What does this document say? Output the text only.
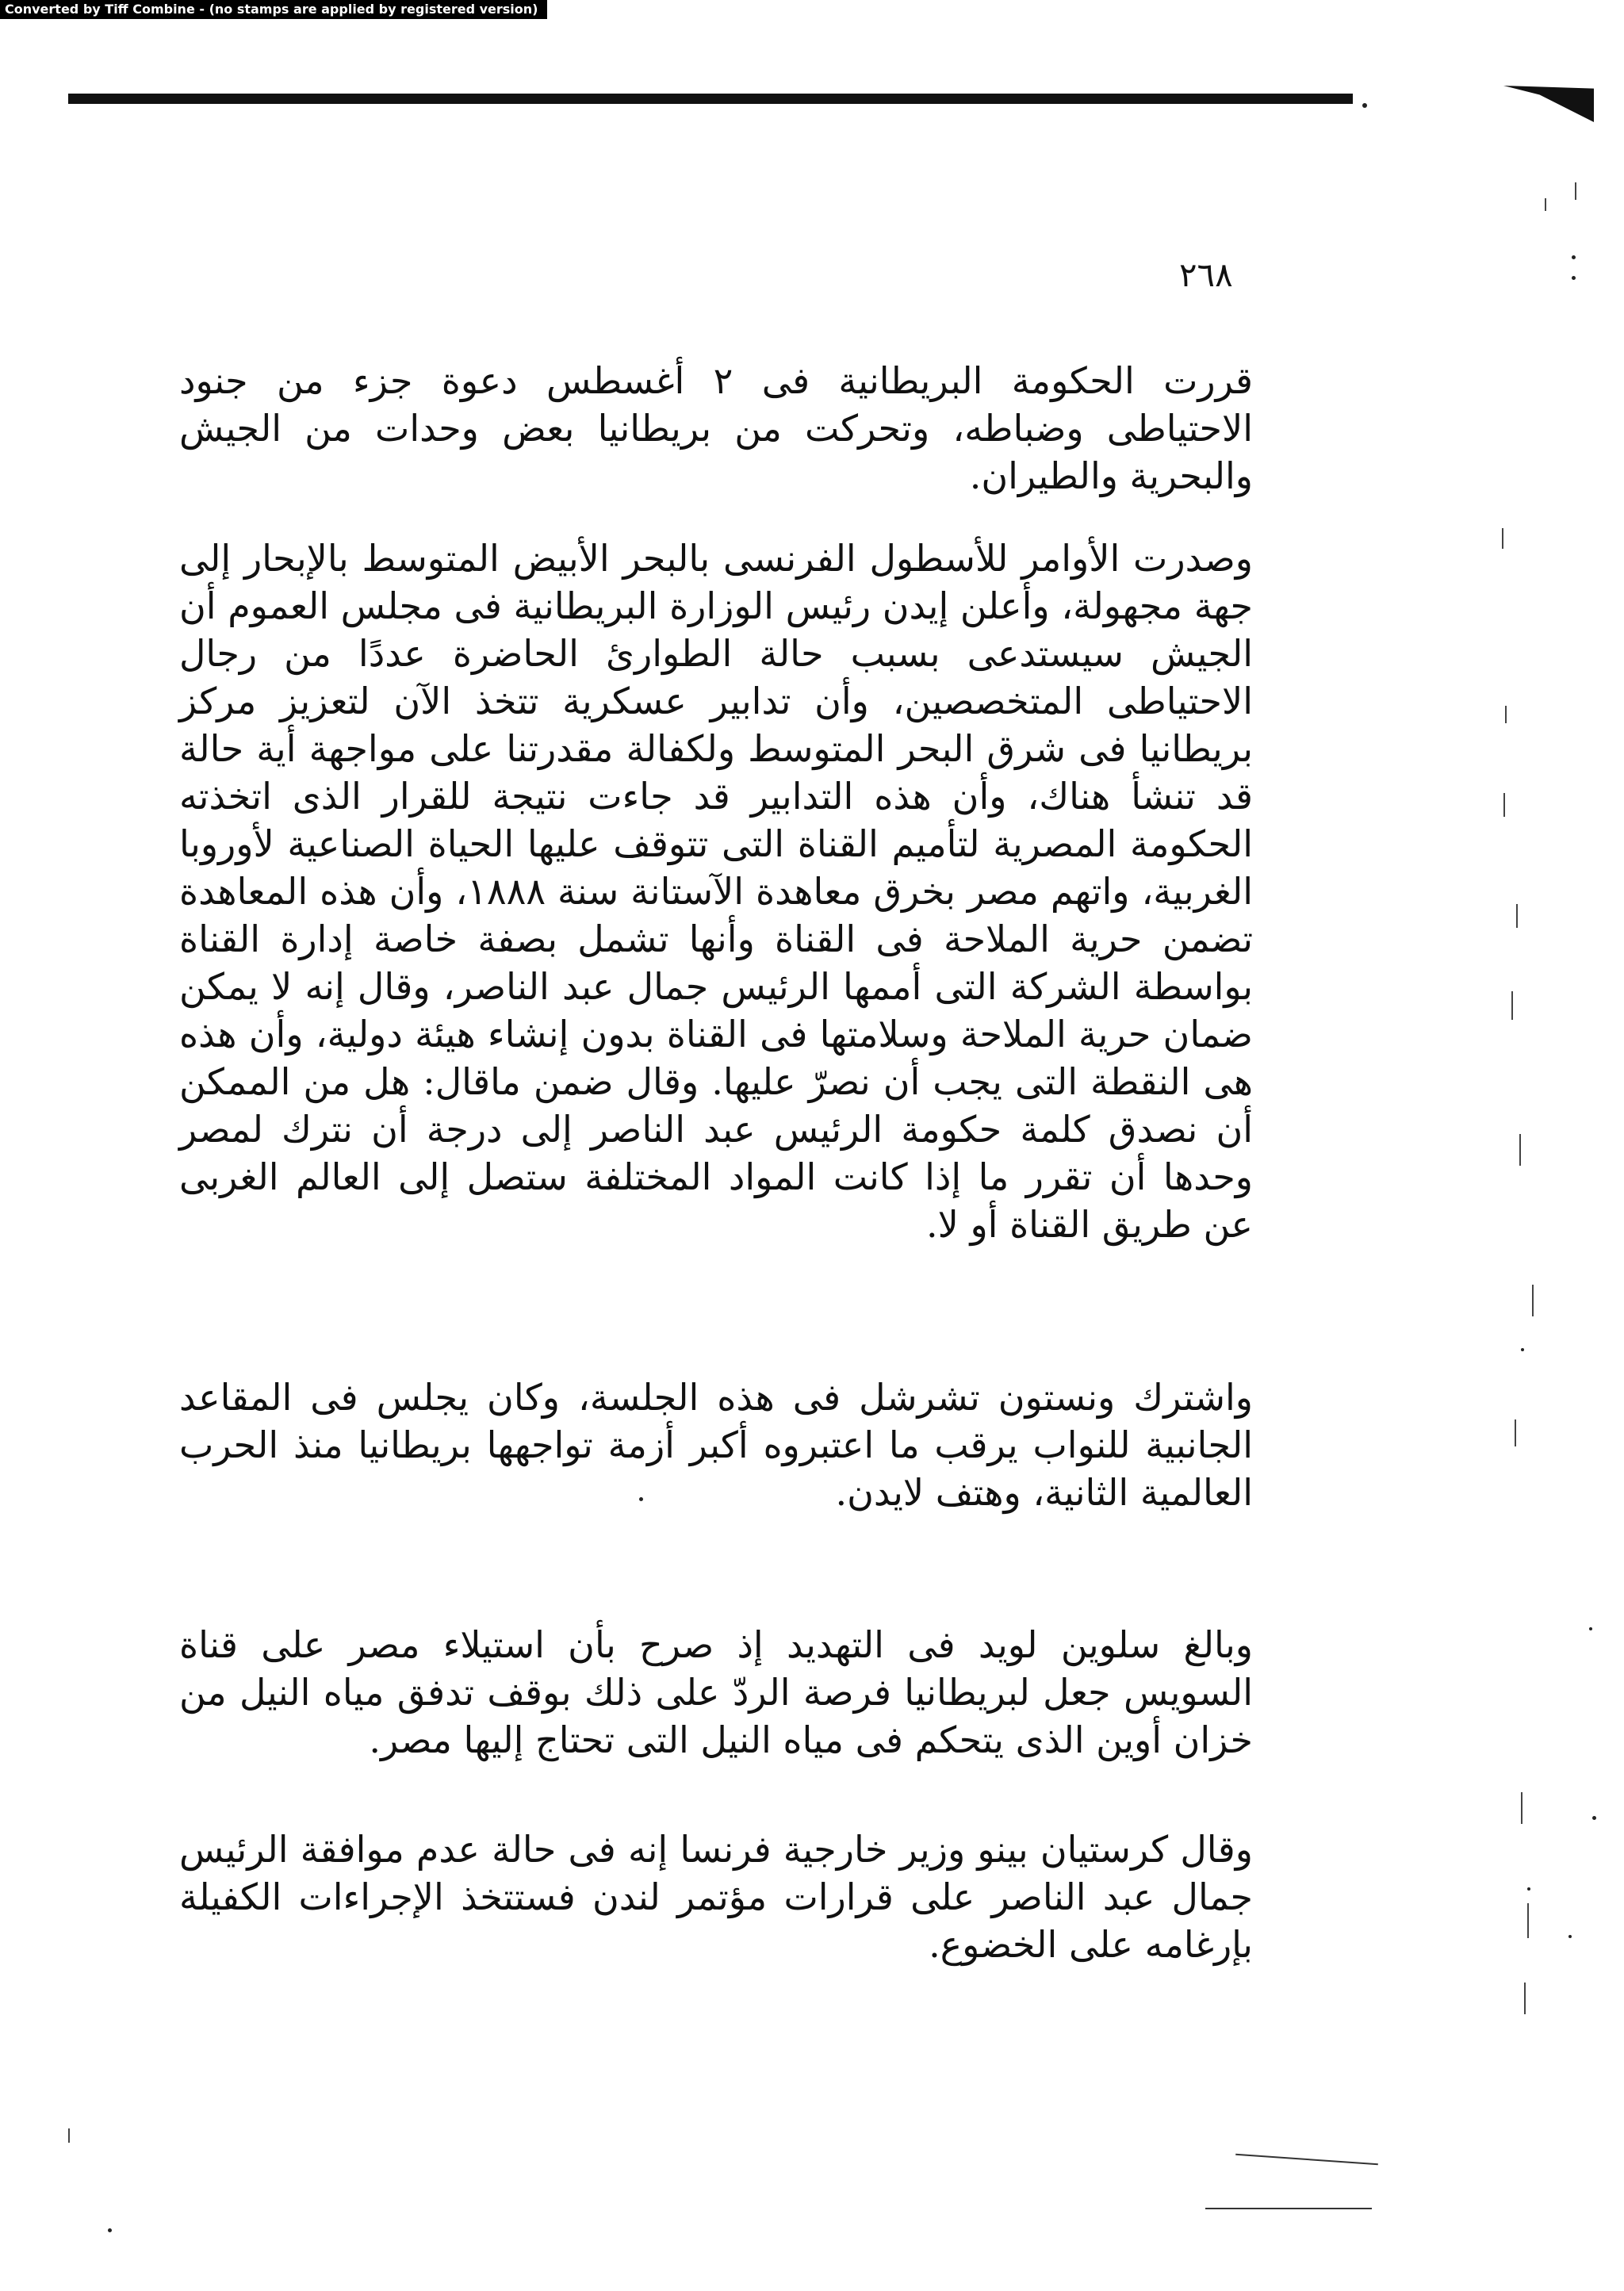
Converted by Tiff Combine - (no stamps are applied by registered version)
٢٦٨

قررت الحكومة البريطانية فى ٢ أغسطس دعوة جزء من جنود الاحتياطى وضباطه، وتحركت من بريطانيا بعض وحدات من الجيش والبحرية والطيران.

وصدرت الأوامر للأسطول الفرنسى بالبحر الأبيض المتوسط بالإبحار إلى جهة مجهولة، وأعلن إيدن رئيس الوزارة البريطانية فى مجلس العموم أن الجيش سيستدعى بسبب حالة الطوارئ الحاضرة عددًا من رجال الاحتياطى المتخصصين، وأن تدابير عسكرية تتخذ الآن لتعزيز مركز بريطانيا فى شرق البحر المتوسط ولكفالة مقدرتنا على مواجهة أية حالة قد تنشأ هناك، وأن هذه التدابير قد جاءت نتيجة للقرار الذى اتخذته الحكومة المصرية لتأميم القناة التى تتوقف عليها الحياة الصناعية لأوروبا الغربية، واتهم مصر بخرق معاهدة الآستانة سنة ١٨٨٨، وأن هذه المعاهدة تضمن حرية الملاحة فى القناة وأنها تشمل بصفة خاصة إدارة القناة بواسطة الشركة التى أممها الرئيس جمال عبد الناصر، وقال إنه لا يمكن ضمان حرية الملاحة وسلامتها فى القناة بدون إنشاء هيئة دولية، وأن هذه هى النقطة التى يجب أن نصرّ عليها. وقال ضمن ماقال: هل من الممكن أن نصدق كلمة حكومة الرئيس عبد الناصر إلى درجة أن نترك لمصر وحدها أن تقرر ما إذا كانت المواد المختلفة ستصل إلى العالم الغربى عن طريق القناة أو لا.

واشترك ونستون تشرشل فى هذه الجلسة، وكان يجلس فى المقاعد الجانبية للنواب يرقب ما اعتبروه أكبر أزمة تواجهها بريطانيا منذ الحرب العالمية الثانية، وهتف لايدن.

وبالغ سلوين لويد فى التهديد إذ صرح بأن استيلاء مصر على قناة السويس جعل لبريطانيا فرصة الردّ على ذلك بوقف تدفق مياه النيل من خزان أوين الذى يتحكم فى مياه النيل التى تحتاج إليها مصر.

وقال كرستيان بينو وزير خارجية فرنسا إنه فى حالة عدم موافقة الرئيس جمال عبد الناصر على قرارات مؤتمر لندن فستتخذ الإجراءات الكفيلة بإرغامه على الخضوع.
